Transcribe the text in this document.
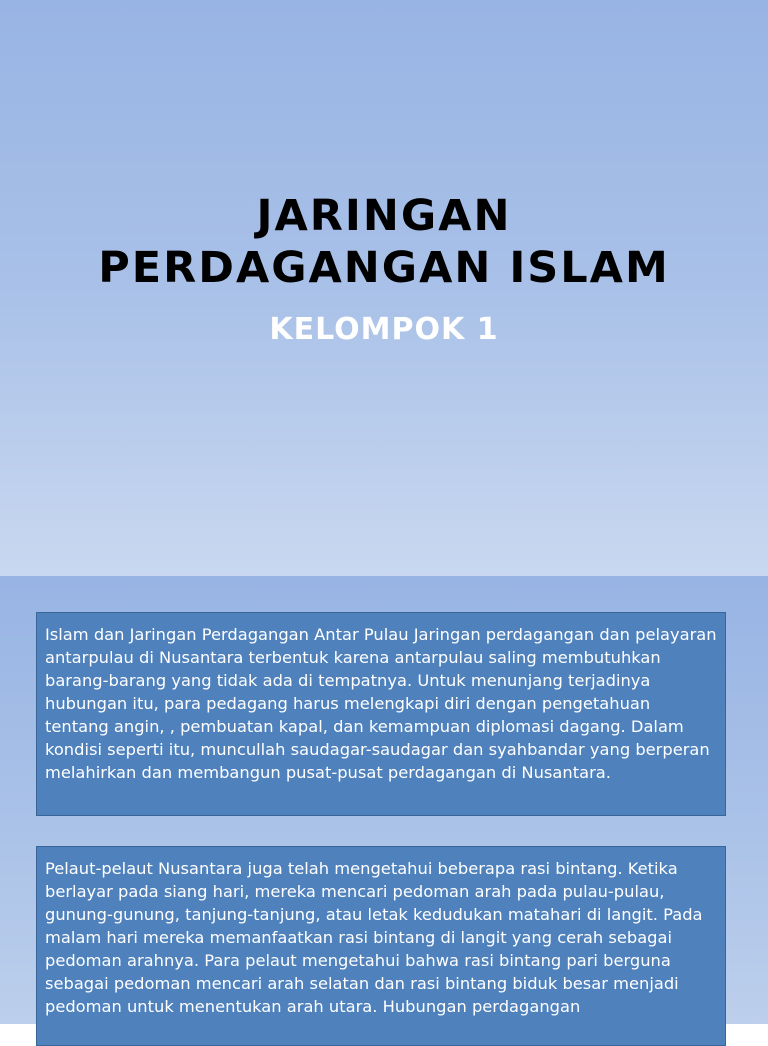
JARINGAN
PERDAGANGAN ISLAM
KELOMPOK 1
Islam dan Jaringan Perdagangan Antar Pulau Jaringan perdagangan dan pelayaran antarpulau di Nusantara terbentuk karena antarpulau saling membutuhkan barang-barang yang tidak ada di tempatnya. Untuk menunjang terjadinya hubungan itu, para pedagang harus melengkapi diri dengan pengetahuan tentang angin, , pembuatan kapal, dan kemampuan diplomasi dagang. Dalam kondisi seperti itu, muncullah saudagar-saudagar dan syahbandar yang berperan melahirkan dan membangun pusat-pusat perdagangan di Nusantara.
Pelaut-pelaut Nusantara juga telah mengetahui beberapa rasi bintang. Ketika berlayar pada siang hari, mereka mencari pedoman arah pada pulau-pulau, gunung-gunung, tanjung-tanjung, atau letak kedudukan matahari di langit. Pada malam hari mereka memanfaatkan rasi bintang di langit yang cerah sebagai pedoman arahnya. Para pelaut mengetahui bahwa rasi bintang pari berguna sebagai pedoman mencari arah selatan dan rasi bintang biduk besar menjadi pedoman untuk menentukan arah utara. Hubungan perdagangan
